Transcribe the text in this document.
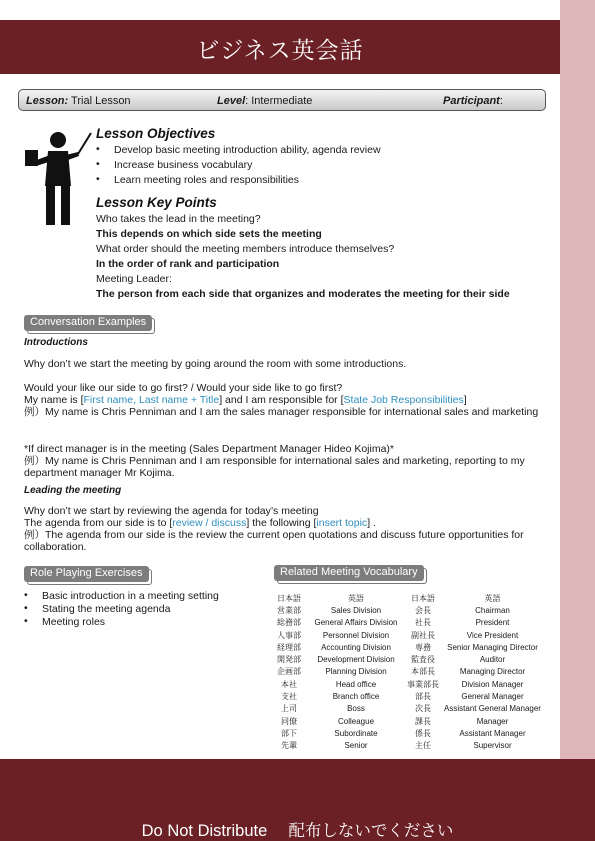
ビジネス英会話
Lesson: Trial Lesson	Level: Intermediate	Participant:
Lesson Objectives
• Develop basic meeting introduction ability, agenda review
• Increase business vocabulary
• Learn meeting roles and responsibilities
Lesson Key Points
Who takes the lead in the meeting?
This depends on which side sets the meeting
What order should the meeting members introduce themselves?
In the order of rank and participation
Meeting Leader:
The person from each side that organizes and moderates the meeting for their side
Conversation Examples
Introductions
Why don’t we start the meeting by going around the room with some introductions.
Would your like our side to go first? / Would your side like to go first?
My name is [First name, Last name + Title] and I am responsible for [State Job Responsibilities]
例）My name is Chris Penniman and I am the sales manager responsible for international sales and marketing
*If direct manager is in the meeting (Sales Department Manager Hideo Kojima)*
例）My name is Chris Penniman and I am responsible for international sales and marketing, reporting to my department manager Mr Kojima.
Leading the meeting
Why don’t we start by reviewing the agenda for today’s meeting
The agenda from our side is to [review / discuss] the following [insert topic] .
例）The agenda from our side is the review the current open quotations and discuss future opportunities for collaboration.
Role Playing Exercises
• Basic introduction in a meeting setting
• Stating the meeting agenda
• Meeting roles
Related Meeting Vocabulary
日本語	英語	日本語	英語
営業部	Sales Division	会長	Chairman
総務部	General Affairs Division	社長	President
人事部	Personnel Division	副社長	Vice President
経理部	Accounting Division	専務	Senior Managing Director
開発部	Development Division	監査役	Auditor
企画部	Planning Division	本部長	Managing Director
本社	Head office	事業部長	Division Manager
支社	Branch office	部長	General Manager
上司	Boss	次長	Assistant General Manager
同僚	Colleague	課長	Manager
部下	Subordinate	係長	Assistant Manager
先輩	Senior	主任	Supervisor
Do Not Distribute　 配布しないでください
